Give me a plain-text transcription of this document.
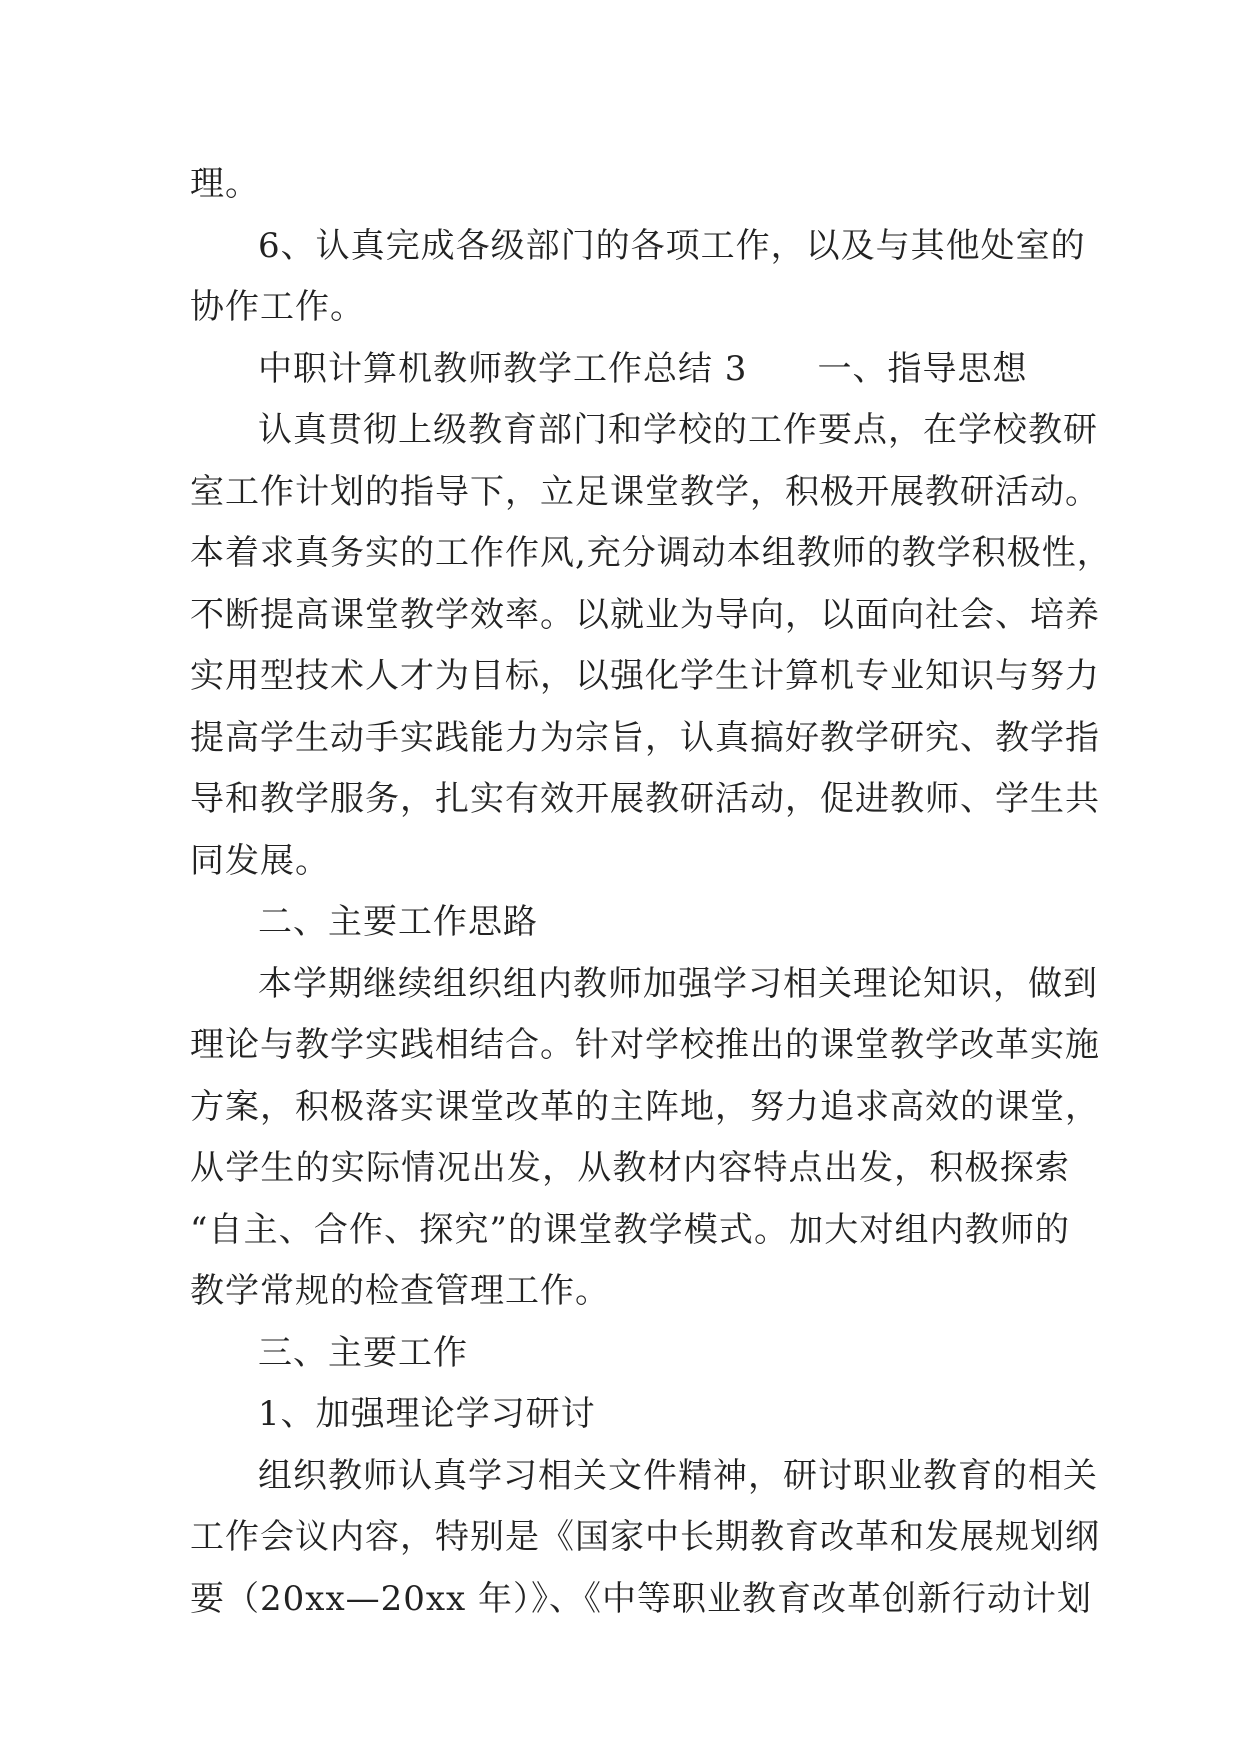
理。
6、认真完成各级部门的各项工作，以及与其他处室的
协作工作。
中职计算机教师教学工作总结 3 一、指导思想
认真贯彻上级教育部门和学校的工作要点，在学校教研
室工作计划的指导下，立足课堂教学，积极开展教研活动。
本着求真务实的工作作风,充分调动本组教师的教学积极性，
不断提高课堂教学效率。以就业为导向，以面向社会、培养
实用型技术人才为目标，以强化学生计算机专业知识与努力
提高学生动手实践能力为宗旨，认真搞好教学研究、教学指
导和教学服务，扎实有效开展教研活动，促进教师、学生共
同发展。
二、主要工作思路
本学期继续组织组内教师加强学习相关理论知识，做到
理论与教学实践相结合。针对学校推出的课堂教学改革实施
方案，积极落实课堂改革的主阵地，努力追求高效的课堂，
从学生的实际情况出发，从教材内容特点出发，积极探索
“自主、合作、探究”的课堂教学模式。加大对组内教师的
教学常规的检查管理工作。
三、主要工作
1、加强理论学习研讨
组织教师认真学习相关文件精神，研讨职业教育的相关
工作会议内容，特别是《国家中长期教育改革和发展规划纲
要（20xx—20xx 年）》、《中等职业教育改革创新行动计划
